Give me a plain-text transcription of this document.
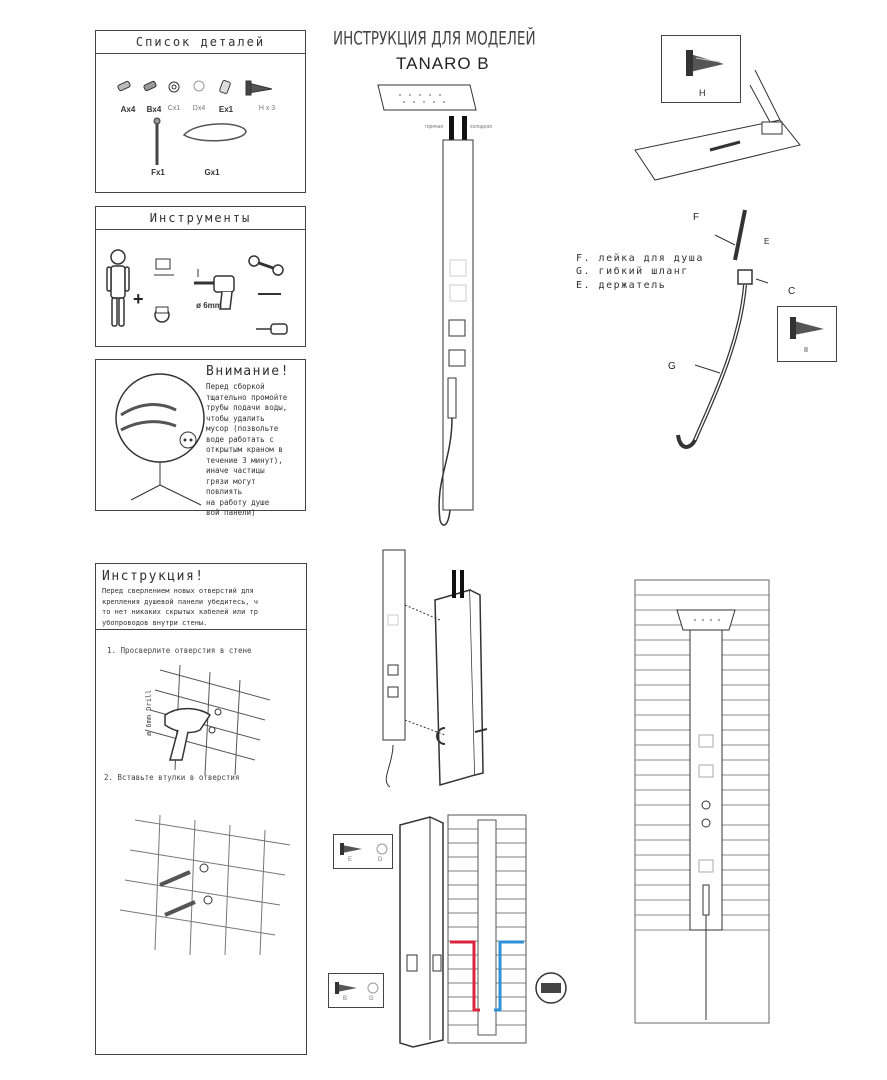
ИНСТРУКЦИЯ ДЛЯ МОДЕЛЕЙ
TANARO B
Список деталей
Ax4	Bx4 Cx1	Dx4	Ex1	H x 3
Fx1	Gx1
Инструменты
+	ø 6mm
Внимание!
Перед сборкой
тщательно промойте
трубы подачи воды,
чтобы удалить
мусор (позвольте
воде работать с
открытым краном в
течение 3 минут),
иначе частицы
грязи могут
повлиять
на работу душе
вой панели)
горячая	холодная
H
F
E
C
G
F. лейка для душа
G. гибкий шланг
E. держатель
II
Инструкция!
Перед сверлением новых отверстий для
крепления душевой панели убедитесь, ч
то нет никаких скрытых кабелей или тр
убопроводов внутри стены.
1. Просверлите отверстия в стене
ø 6mm Drill
2. Вставьте втулки в отверстия
E	D
B	G
